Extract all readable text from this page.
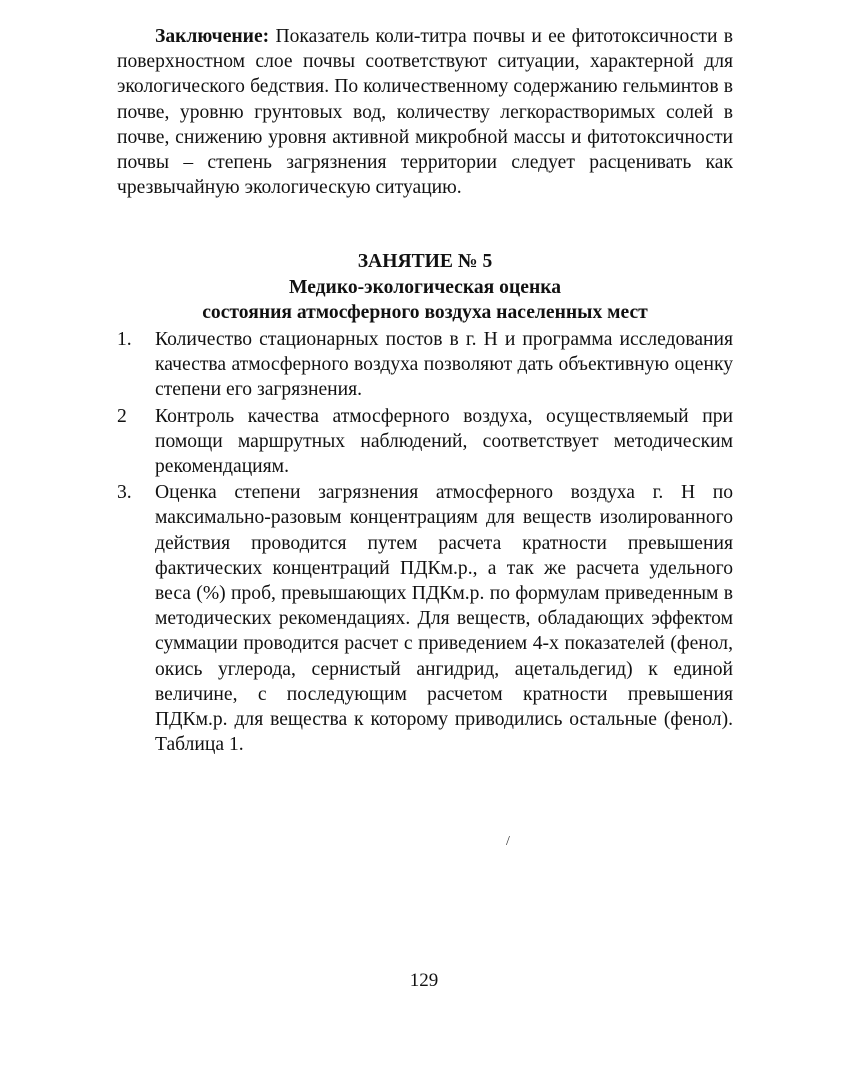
Заключение: Показатель коли-титра почвы и ее фитотоксичности в поверхностном слое почвы соответствуют ситуации, характерной для экологического бедствия. По количественному содержанию гельминтов в почве, уровню грунтовых вод, количеству легкорастворимых солей в почве, снижению уровня активной микробной массы и фитотоксичности почвы – степень загрязнения территории следует расценивать как чрезвычайную экологическую ситуацию.

ЗАНЯТИЕ № 5
Медико-экологическая оценка
состояния атмосферного воздуха населенных мест
1. Количество стационарных постов в г. Н и программа исследования качества атмосферного воздуха позволяют дать объективную оценку степени его загрязнения.
2 Контроль качества атмосферного воздуха, осуществляемый при помощи маршрутных наблюдений, соответствует методическим рекомендациям.
3. Оценка степени загрязнения атмосферного воздуха г. Н по максимально-разовым концентрациям для веществ изолированного действия проводится путем расчета кратности превышения фактических концентраций ПДКм.р., а так же расчета удельного веса (%) проб, превышающих ПДКм.р. по формулам приведенным в методических рекомендациях. Для веществ, обладающих эффектом суммации проводится расчет с приведением 4-х показателей (фенол, окись углерода, сернистый ангидрид, ацетальдегид) к единой величине, с последующим расчетом кратности превышения ПДКм.р. для вещества к которому приводились остальные (фенол). Таблица 1.
/
129
